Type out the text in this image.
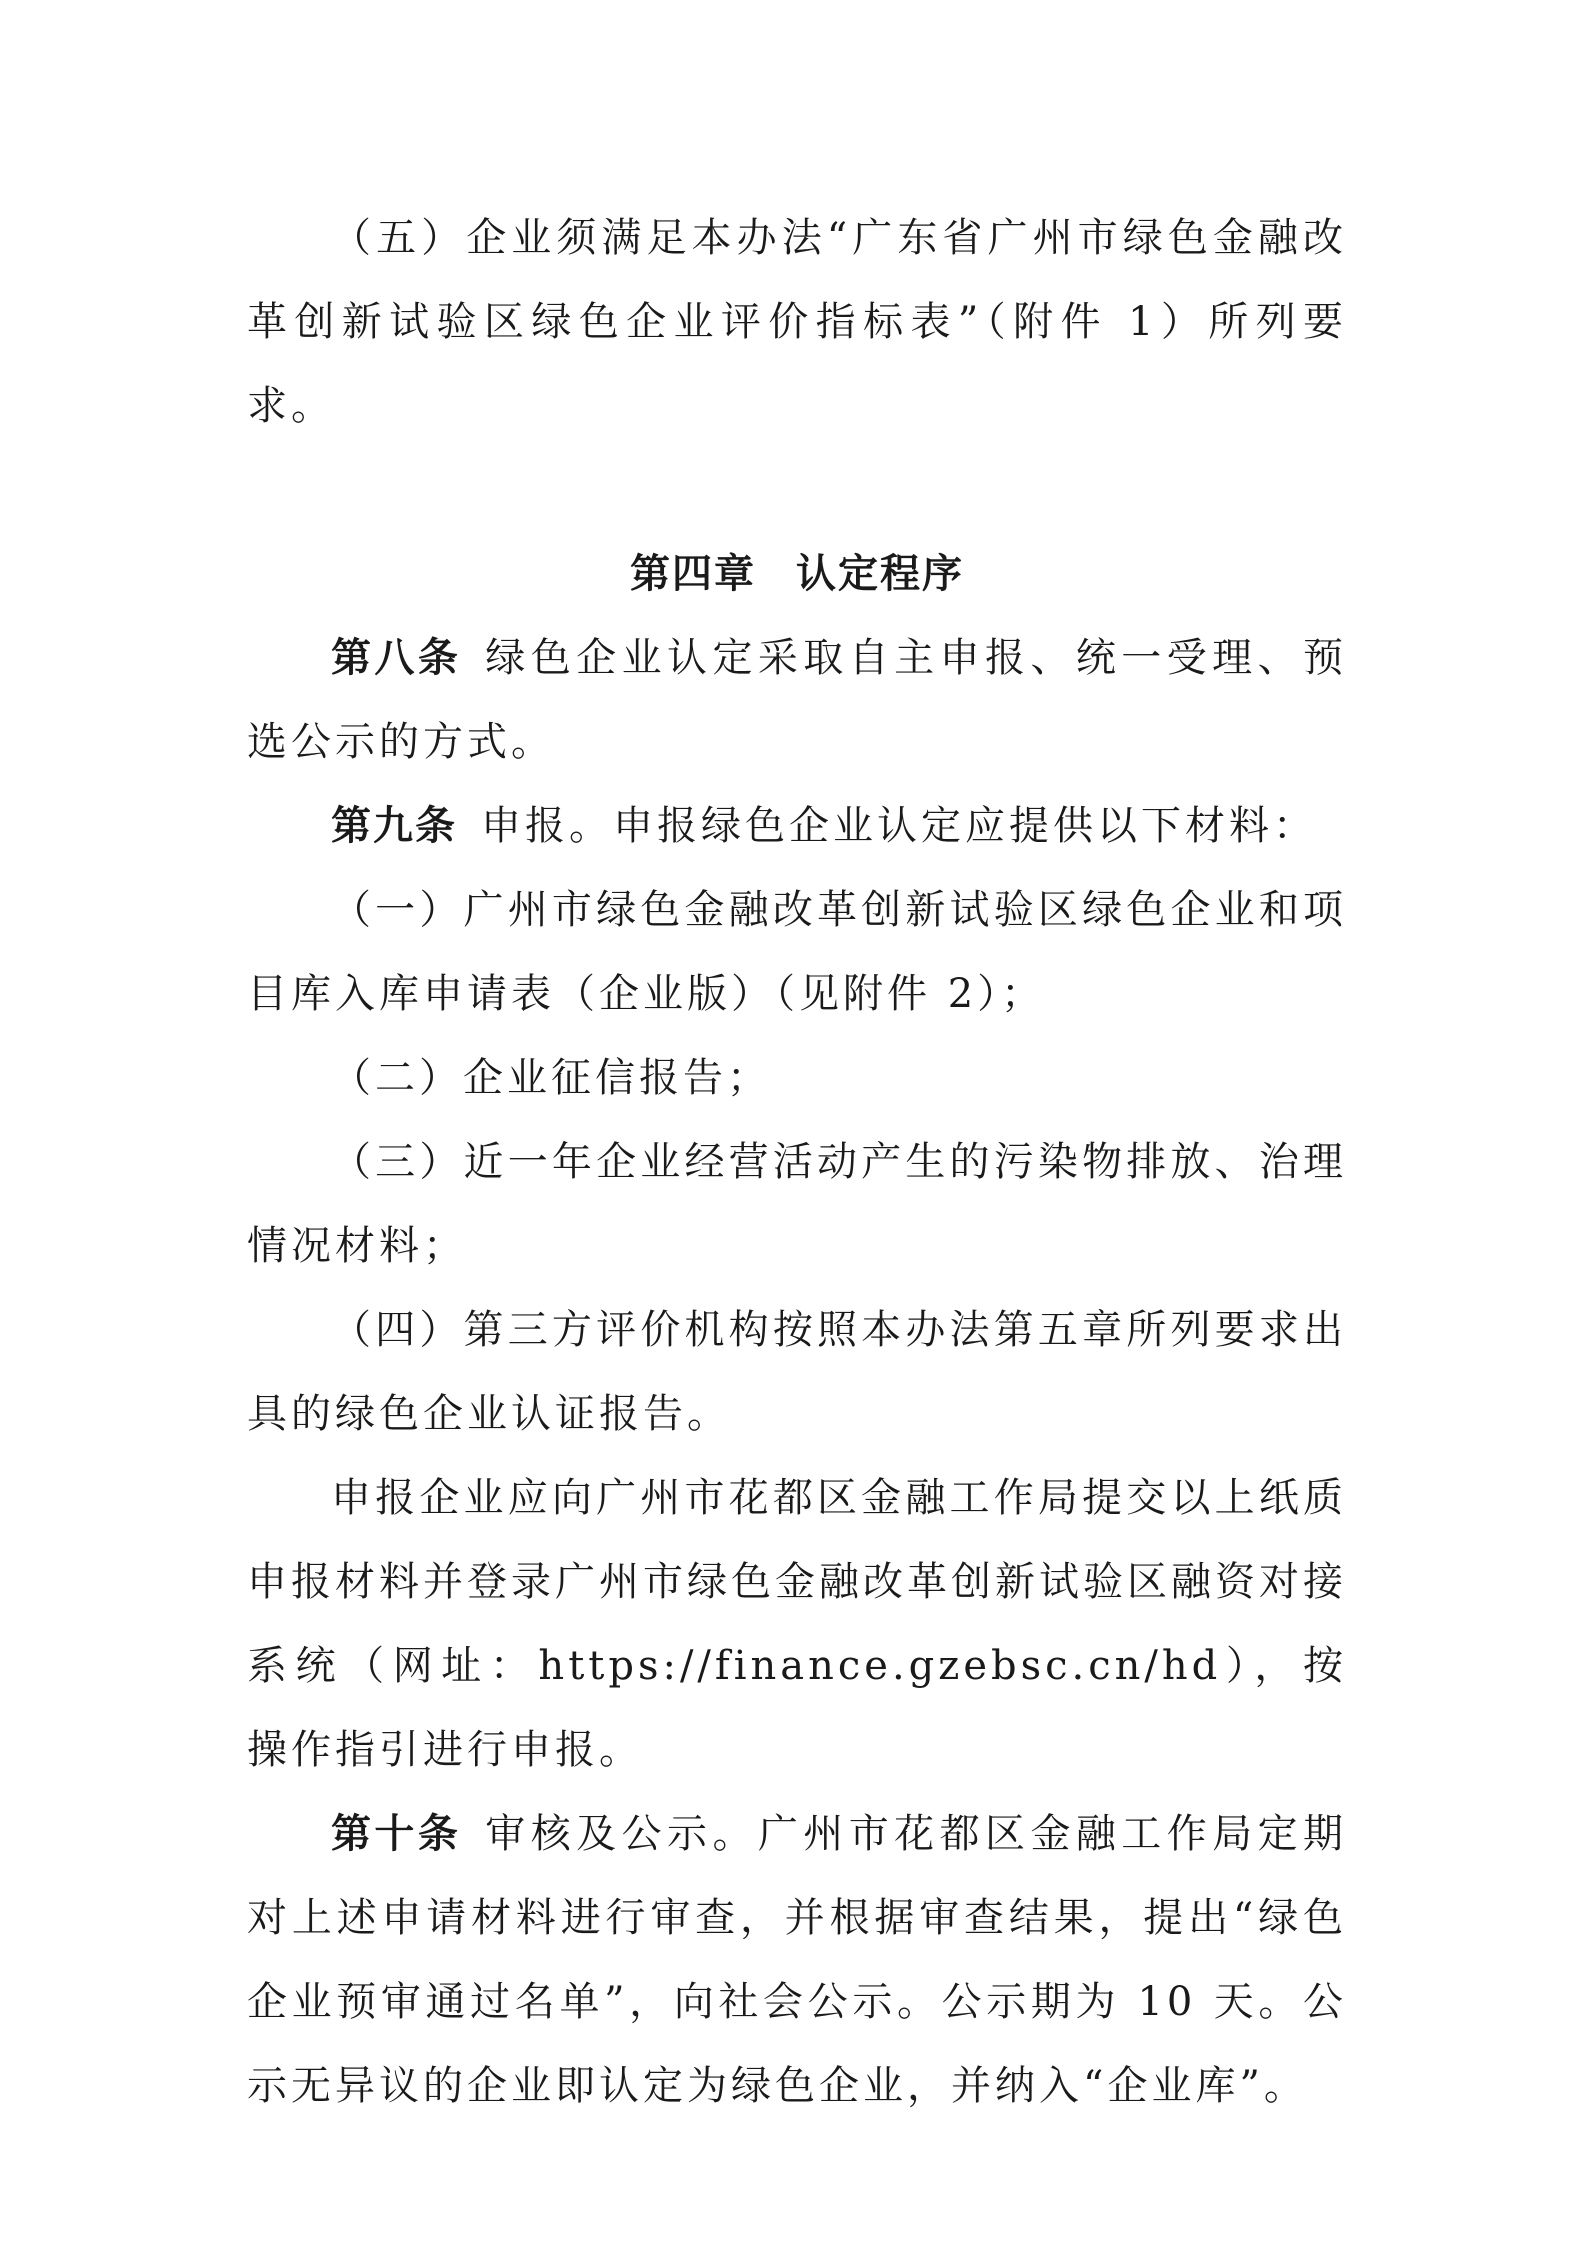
（五）企业须满足本办法“广东省广州市绿色金融改革创新试验区绿色企业评价指标表”（附件 1）所列要求。

第四章 认定程序

第八条 绿色企业认定采取自主申报、统一受理、预选公示的方式。

第九条 申报。申报绿色企业认定应提供以下材料：

（一）广州市绿色金融改革创新试验区绿色企业和项目库入库申请表（企业版）（见附件 2）；

（二）企业征信报告；

（三）近一年企业经营活动产生的污染物排放、治理情况材料；

（四）第三方评价机构按照本办法第五章所列要求出具的绿色企业认证报告。

申报企业应向广州市花都区金融工作局提交以上纸质申报材料并登录广州市绿色金融改革创新试验区融资对接系统（网址：https://finance.gzebsc.cn/hd），按操作指引进行申报。

第十条 审核及公示。广州市花都区金融工作局定期对上述申请材料进行审查，并根据审查结果，提出“绿色企业预审通过名单”，向社会公示。公示期为 10 天。公示无异议的企业即认定为绿色企业，并纳入“企业库”。
